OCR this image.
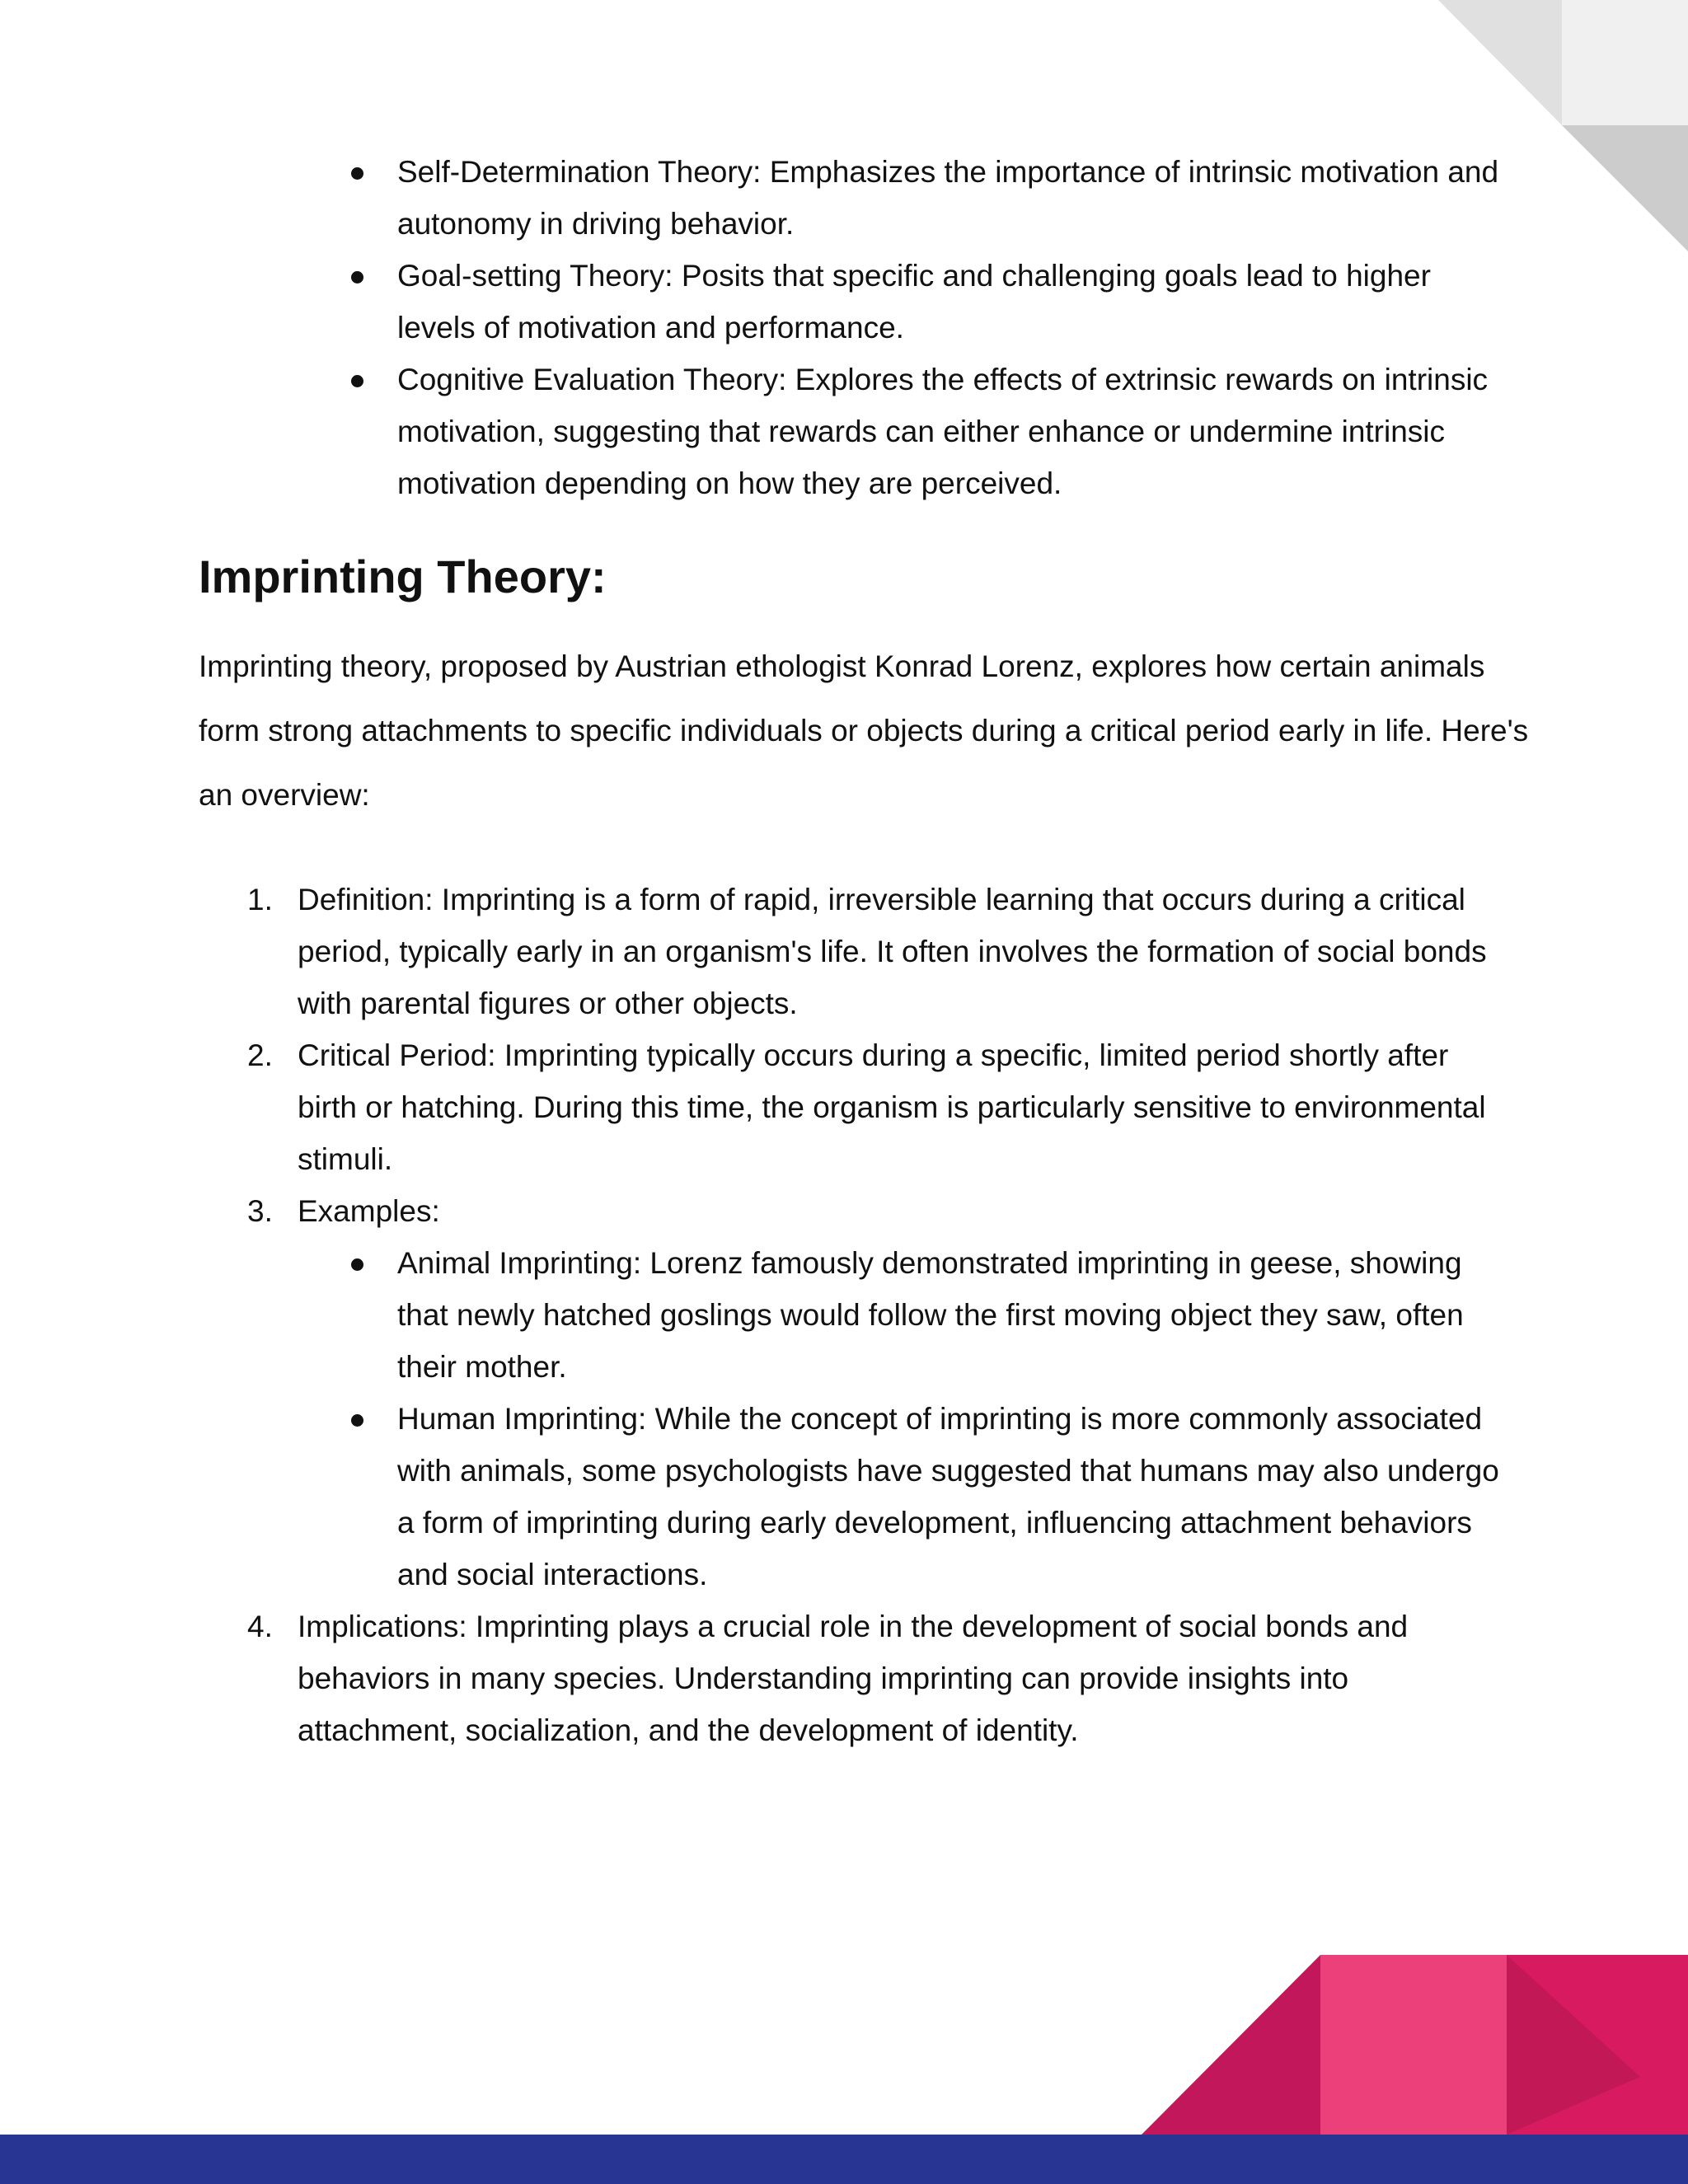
Self-Determination Theory: Emphasizes the importance of intrinsic motivation and autonomy in driving behavior.
Goal-setting Theory: Posits that specific and challenging goals lead to higher levels of motivation and performance.
Cognitive Evaluation Theory: Explores the effects of extrinsic rewards on intrinsic motivation, suggesting that rewards can either enhance or undermine intrinsic motivation depending on how they are perceived.
Imprinting Theory:

Imprinting theory, proposed by Austrian ethologist Konrad Lorenz, explores how certain animals form strong attachments to specific individuals or objects during a critical period early in life. Here's an overview:

1. Definition: Imprinting is a form of rapid, irreversible learning that occurs during a critical period, typically early in an organism's life. It often involves the formation of social bonds with parental figures or other objects.
2. Critical Period: Imprinting typically occurs during a specific, limited period shortly after birth or hatching. During this time, the organism is particularly sensitive to environmental stimuli.
3. Examples:
Animal Imprinting: Lorenz famously demonstrated imprinting in geese, showing that newly hatched goslings would follow the first moving object they saw, often their mother.
Human Imprinting: While the concept of imprinting is more commonly associated with animals, some psychologists have suggested that humans may also undergo a form of imprinting during early development, influencing attachment behaviors and social interactions.
4. Implications: Imprinting plays a crucial role in the development of social bonds and behaviors in many species. Understanding imprinting can provide insights into attachment, socialization, and the development of identity.
